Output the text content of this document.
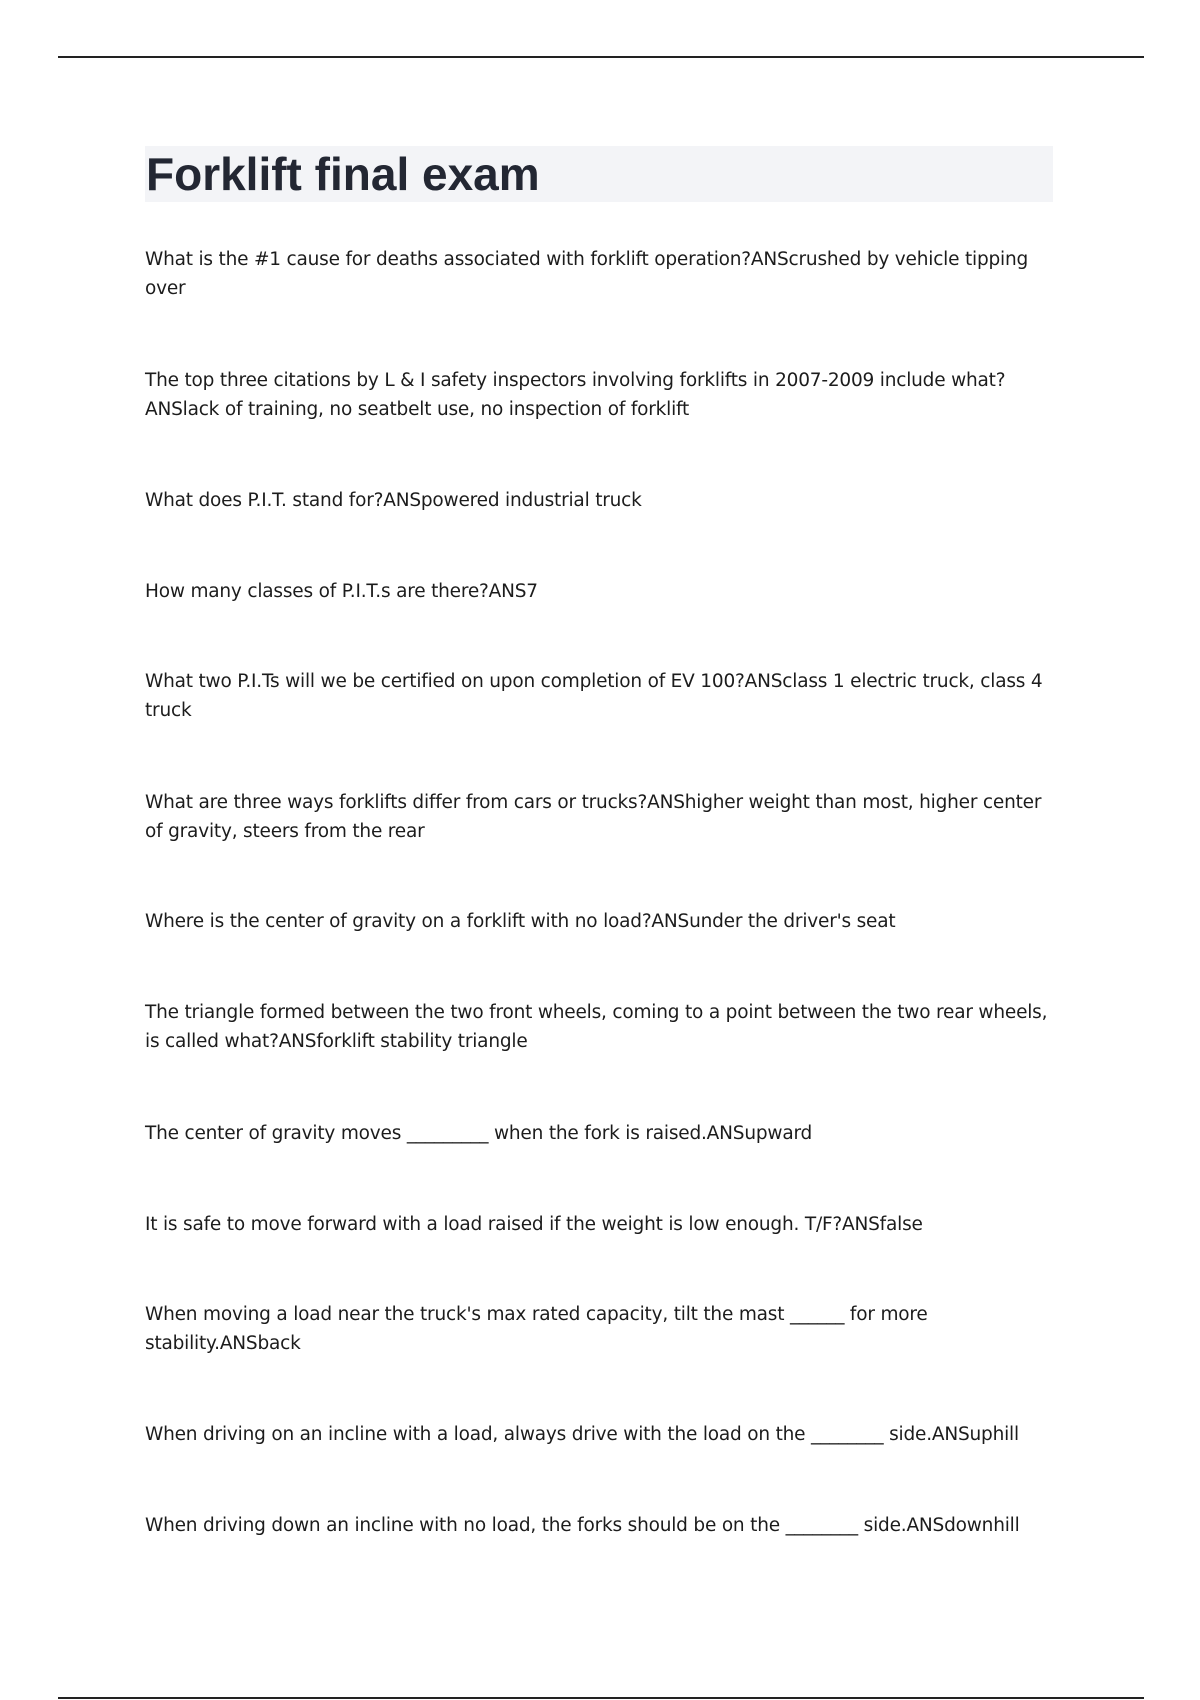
Forklift final exam

What is the #1 cause for deaths associated with forklift operation?ANScrushed by vehicle tipping over

The top three citations by L & I safety inspectors involving forklifts in 2007-2009 include what?ANSlack of training, no seatbelt use, no inspection of forklift

What does P.I.T. stand for?ANSpowered industrial truck

How many classes of P.I.T.s are there?ANS7

What two P.I.Ts will we be certified on upon completion of EV 100?ANSclass 1 electric truck, class 4 truck

What are three ways forklifts differ from cars or trucks?ANShigher weight than most, higher center of gravity, steers from the rear

Where is the center of gravity on a forklift with no load?ANSunder the driver's seat

The triangle formed between the two front wheels, coming to a point between the two rear wheels, is called what?ANSforklift stability triangle

The center of gravity moves _________ when the fork is raised.ANSupward

It is safe to move forward with a load raised if the weight is low enough. T/F?ANSfalse

When moving a load near the truck's max rated capacity, tilt the mast ______ for more stability.ANSback

When driving on an incline with a load, always drive with the load on the ________ side.ANSuphill

When driving down an incline with no load, the forks should be on the ________ side.ANSdownhill
